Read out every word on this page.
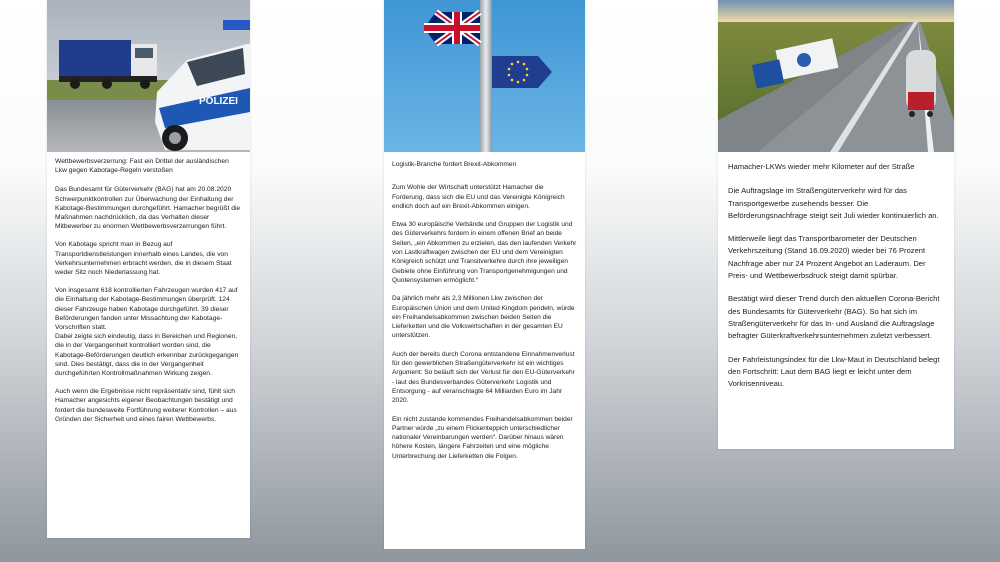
POLIZEI

Wettbewerbsverzerrung: Fast ein Drittel der ausländischen Lkw gegen Kabotage-Regeln verstoßen

Das Bundesamt für Güterverkehr (BAG) hat am 20.08.2020 Schwerpunktkontrollen zur Überwachung der Einhaltung der Kabotage-Bestimmungen durchgeführt. Hamacher begrüßt die Maßnahmen nachdrücklich, da das Verhalten dieser Mitbewerber zu enormen Wettbewerbsverzerrungen führt.

Von Kabotage spricht man in Bezug auf Transportdienstleistungen innerhalb eines Landes, die von Verkehrsunternehmen erbracht werden, die in diesem Staat weder Sitz noch Niederlassung hat.

Von insgesamt 618 kontrollierten Fahrzeugen wurden 417 auf die Einhaltung der Kabotage-Bestimmungen überprüft. 124 dieser Fahrzeuge haben Kabotage durchgeführt. 39 dieser Beförderungen fanden unter Missachtung der Kabotage-Vorschriften statt.
Dabei zeigte sich eindeutig, dass in Bereichen und Regionen, die in der Vergangenheit kontrolliert worden sind, die Kabotage-Beförderungen deutlich erkennbar zurückgegangen sind. Dies bestätigt, dass die in der Vergangenheit durchgeführten Kontrollmaßnahmen Wirkung zeigen.

Auch wenn die Ergebnisse nicht repräsentativ sind, fühlt sich Hamacher angesichts eigener Beobachtungen bestätigt und fordert die bundesweite Fortführung weiterer Kontrollen – aus Gründen der Sicherheit und eines fairen Wettbewerbs.

Logistik-Branche fordert Brexit-Abkommen

Zum Wohle der Wirtschaft unterstützt Hamacher die Forderung, dass sich die EU und das Vereinigte Königreich endlich doch auf ein Brexit-Abkommen einigen.

Etwa 30 europäische Verbände und Gruppen der Logistik und des Güterverkehrs fordern in einem offenen Brief an beide Seiten, „ein Abkommen zu erzielen, das den laufenden Verkehr von Lastkraftwagen zwischen der EU und dem Vereinigten Königreich schützt und Transitverkehre durch ihre jeweiligen Gebiete ohne Einführung von Transportgenehmigungen und Quotensystemen ermöglicht.“

Da jährlich mehr als 2,3 Millionen Lkw zwischen der Europäischen Union und dem United Kingdom pendeln, würde ein Freihandelsabkommen zwischen beiden Seiten die Lieferketten und die Volkswirtschaften in der gesamten EU unterstützen.

Auch der bereits durch Corona entstandene Einnahmenverlust für den gewerblichen Straßengüterverkehr ist ein wichtiges Argument: So beläuft sich der Verlust für den EU-Güterverkehr - laut des Bundesverbandes Güterverkehr Logistik und Entsorgung - auf veranschlagte 64 Milliarden Euro im Jahr 2020.

Ein nicht zustande kommendes Freihandelsabkommen beider Partner würde „zu einem Flickenteppich unterschiedlicher nationaler Vereinbarungen werden“. Darüber hinaus wären höhere Kosten, längere Fahrzeiten und eine mögliche Unterbrechung der Lieferketten die Folgen.

Hamacher-LKWs wieder mehr Kilometer auf der Straße

Die Auftragslage im Straßengüterverkehr wird für das Transportgewerbe zusehends besser. Die Beförderungsnachfrage steigt seit Juli wieder kontinuierlich an.

Mittlerweile liegt das Transportbarometer der Deutschen Verkehrszeitung (Stand 16.09.2020) wieder bei 76 Prozent Nachfrage aber nur 24 Prozent Angebot an Laderaum. Der Preis- und Wettbewerbsdruck steigt damit spürbar.

Bestätigt wird dieser Trend durch den aktuellen Corona-Bericht des Bundesamts für Güterverkehr (BAG). So hat sich im Straßengüterverkehr für das In- und Ausland die Auftragslage befragter Güterkraftverkehrsunternehmen zuletzt verbessert.

Der Fahrleistungsindex für die Lkw-Maut in Deutschland belegt den Fortschritt: Laut dem BAG liegt er leicht unter dem Vorkrisenniveau.
